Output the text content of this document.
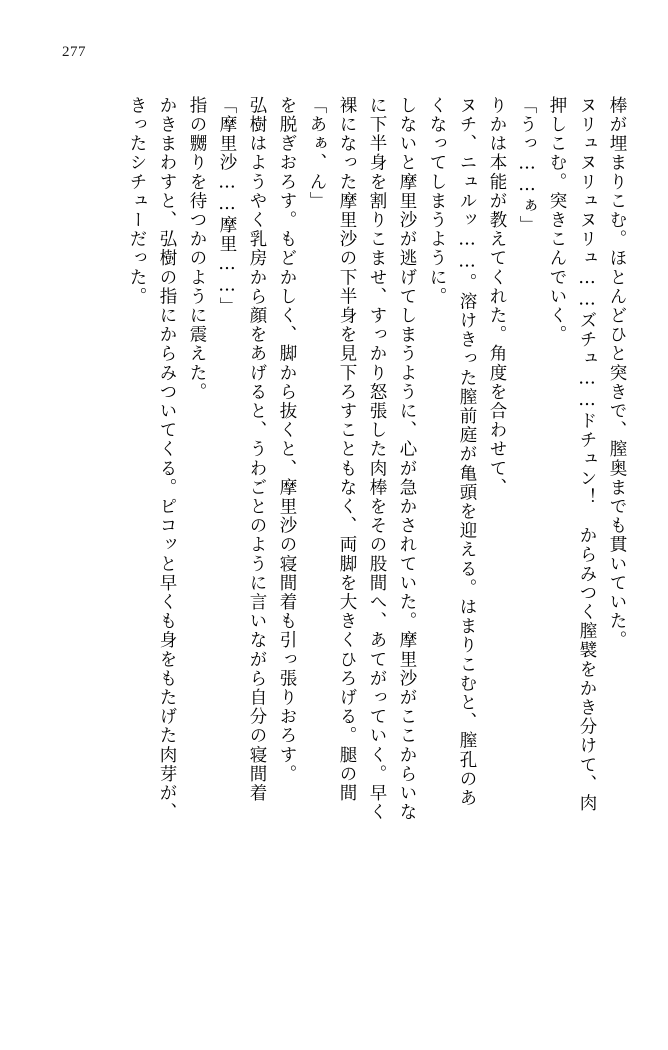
277
きったシチューだった。 かきまわすと、弘樹の指にからみついてくる。ピコッと早くも身をもたげた肉芽が、 指の嬲りを待つかのように震えた。 「摩里沙……摩里……」 弘樹はようやく乳房から顔をあげると、うわごとのように言いながら自分の寝間着 を脱ぎおろす。もどかしく、脚から抜くと、摩里沙の寝間着も引っ張りおろす。 「あぁ、ん」 裸になった摩里沙の下半身を見下ろすこともなく、両脚を大きくひろげる。腿の間 に下半身を割りこませ、すっかり怒張した肉棒をその股間へ、あてがっていく。早く しないと摩里沙が逃げてしまうように、心が急かされていた。摩里沙がここからいな くなってしまうように。 ヌチ、ニュルッ……。溶けきった膣前庭が亀頭を迎える。はまりこむと、膣孔のあ りかは本能が教えてくれた。角度を合わせて、 「うっ……ぁ」 押しこむ。突きこんでいく。 ヌリュヌリュヌリュ……ズチュ……ドチュン！　からみつく膣襞をかき分けて、肉 棒が埋まりこむ。ほとんどひと突きで、膣奥までも貫いていた。
